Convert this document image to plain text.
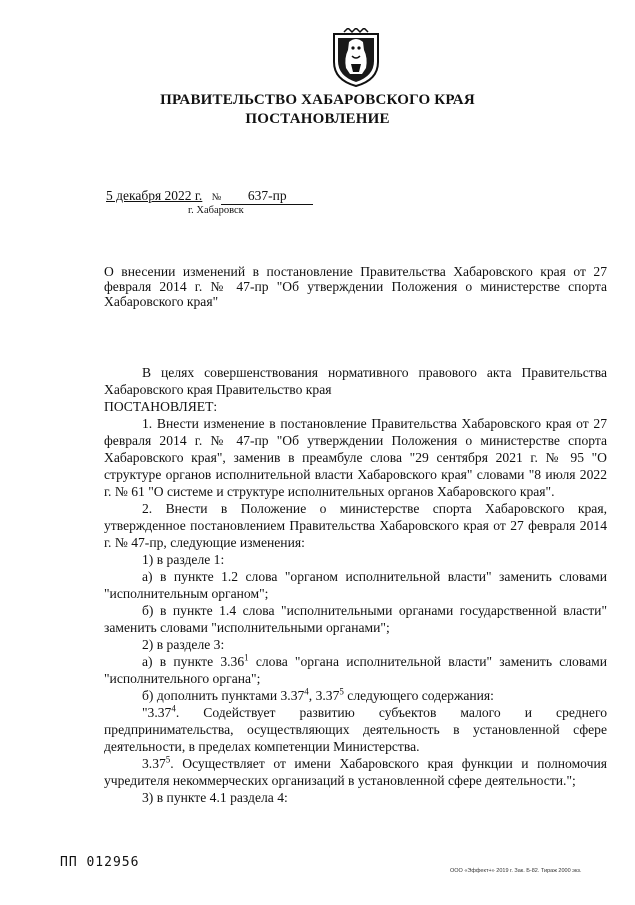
ПРАВИТЕЛЬСТВО ХАБАРОВСКОГО КРАЯ
ПОСТАНОВЛЕНИЕ
5 декабря 2022 г. № 637-пр
г. Хабаровск
О внесении изменений в постановление Правительства Хабаровского края от 27 февраля 2014 г. № 47-пр "Об утверждении Положения о министерстве спорта Хабаровского края"

В целях совершенствования нормативного правового акта Правительства Хабаровского края Правительство края

ПОСТАНОВЛЯЕТ:

1. Внести изменение в постановление Правительства Хабаровского края от 27 февраля 2014 г. № 47-пр "Об утверждении Положения о министерстве спорта Хабаровского края", заменив в преамбуле слова "29 сентября 2021 г. № 95 "О структуре органов исполнительной власти Хабаровского края" словами "8 июля 2022 г. № 61 "О системе и структуре исполнительных органов Хабаровского края".

2. Внести в Положение о министерстве спорта Хабаровского края, утвержденное постановлением Правительства Хабаровского края от 27 февраля 2014 г. № 47-пр, следующие изменения:

1) в разделе 1:

а) в пункте 1.2 слова "органом исполнительной власти" заменить словами "исполнительным органом";

б) в пункте 1.4 слова "исполнительными органами государственной власти" заменить словами "исполнительными органами";

2) в разделе 3:

а) в пункте 3.36$^1$ слова "органа исполнительной власти" заменить словами "исполнительного органа";

б) дополнить пунктами 3.37$^4$, 3.37$^5$ следующего содержания:

"3.37$^4$. Содействует развитию субъектов малого и среднего предпринимательства, осуществляющих деятельность в установленной сфере деятельности, в пределах компетенции Министерства.

3.37$^5$. Осуществляет от имени Хабаровского края функции и полномочия учредителя некоммерческих организаций в установленной сфере деятельности.";

3) в пункте 4.1 раздела 4:

ПП 012956
ООО «Эффект+» 2019 г. Зак. Б-82. Тираж 2000 экз.
